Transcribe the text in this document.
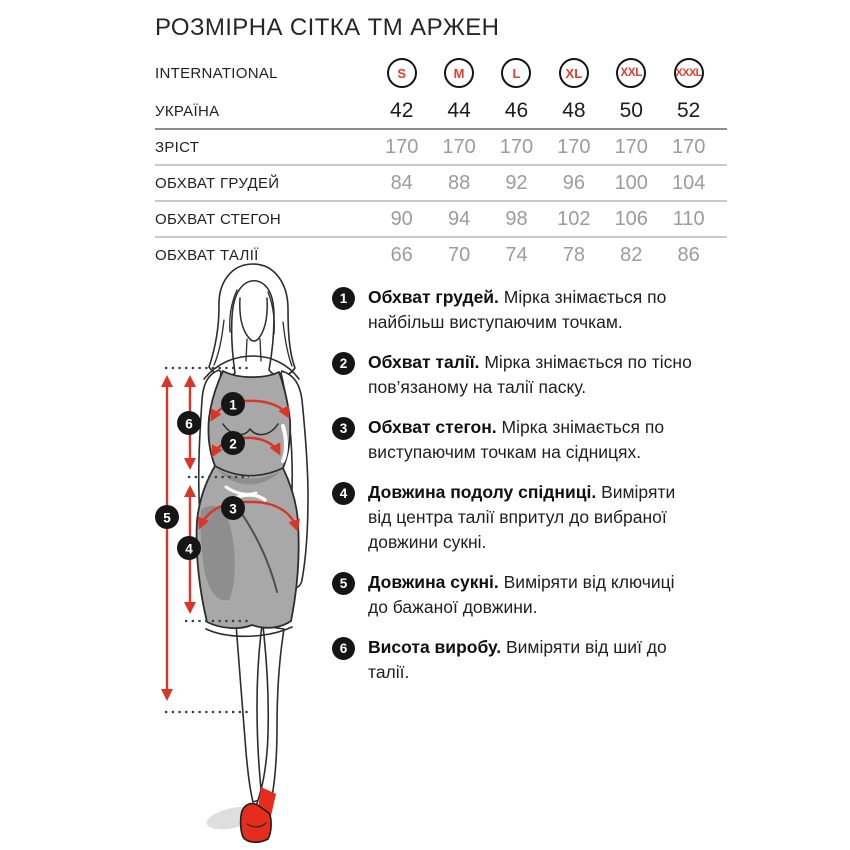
РОЗМІРНА СІТКА ТМ АРЖЕН
INTERNATIONAL	S	M	L	XL	XXL	XXXL
УКРАЇНА	42	44	46	48	50	52
ЗРІСТ	170	170	170	170	170	170
ОБХВАТ ГРУДЕЙ	84	88	92	96	100	104
ОБХВАТ СТЕГОН	90	94	98	102	106	110
ОБХВАТ ТАЛІЇ	66	70	74	78	82	86
1
2
6
3
5
4
1	Обхват грудей. Мірка знімається по найбільш виступаючим точкам.

2	Обхват талії. Мірка знімається по тісно пов’язаному на талії паску.

3	Обхват стегон. Мірка знімається по виступаючим точкам на сідницях.

4	Довжина подолу спідниці. Виміряти від центра талії впритул до вибраної довжини сукні.

5	Довжина сукні. Виміряти від ключиці до бажаної довжини.

6	Висота виробу. Виміряти від шиї до талії.
